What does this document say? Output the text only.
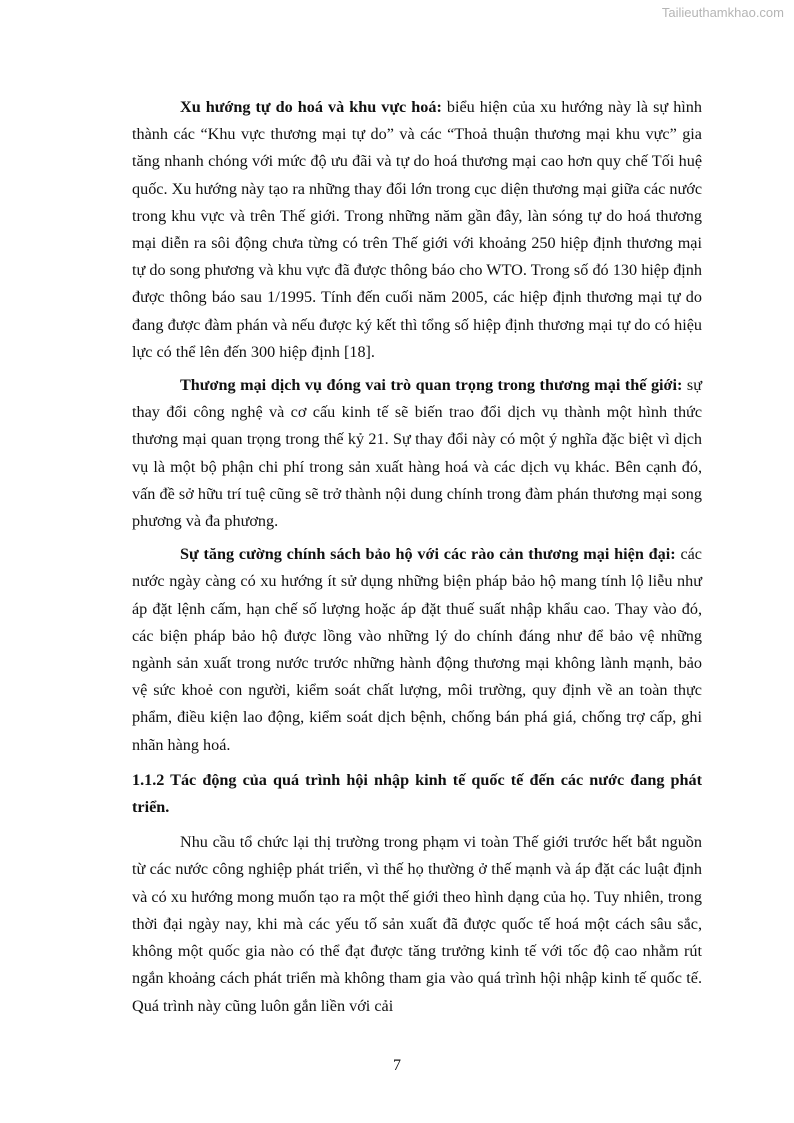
Tailieuthamkhao.com

Xu hướng tự do hoá và khu vực hoá: biểu hiện của xu hướng này là sự hình thành các “Khu vực thương mại tự do” và các “Thoả thuận thương mại khu vực” gia tăng nhanh chóng với mức độ ưu đãi và tự do hoá thương mại cao hơn quy chế Tối huệ quốc. Xu hướng này tạo ra những thay đổi lớn trong cục diện thương mại giữa các nước trong khu vực và trên Thế giới. Trong những năm gần đây, làn sóng tự do hoá thương mại diễn ra sôi động chưa từng có trên Thế giới với khoảng 250 hiệp định thương mại tự do song phương và khu vực đã được thông báo cho WTO. Trong số đó 130 hiệp định được thông báo sau 1/1995. Tính đến cuối năm 2005, các hiệp định thương mại tự do đang được đàm phán và nếu được ký kết thì tổng số hiệp định thương mại tự do có hiệu lực có thể lên đến 300 hiệp định [18].

Thương mại dịch vụ đóng vai trò quan trọng trong thương mại thế giới: sự thay đổi công nghệ và cơ cấu kinh tế sẽ biến trao đổi dịch vụ thành một hình thức thương mại quan trọng trong thế kỷ 21. Sự thay đổi này có một ý nghĩa đặc biệt vì dịch vụ là một bộ phận chi phí trong sản xuất hàng hoá và các dịch vụ khác. Bên cạnh đó, vấn đề sở hữu trí tuệ cũng sẽ trở thành nội dung chính trong đàm phán thương mại song phương và đa phương.

Sự tăng cường chính sách bảo hộ với các rào cản thương mại hiện đại: các nước ngày càng có xu hướng ít sử dụng những biện pháp bảo hộ mang tính lộ liễu như áp đặt lệnh cấm, hạn chế số lượng hoặc áp đặt thuế suất nhập khẩu cao. Thay vào đó, các biện pháp bảo hộ được lồng vào những lý do chính đáng như để bảo vệ những ngành sản xuất trong nước trước những hành động thương mại không lành mạnh, bảo vệ sức khoẻ con người, kiểm soát chất lượng, môi trường, quy định về an toàn thực phẩm, điều kiện lao động, kiểm soát dịch bệnh, chống bán phá giá, chống trợ cấp, ghi nhãn hàng hoá.

1.1.2 Tác động của quá trình hội nhập kinh tế quốc tế đến các nước đang phát triển.

Nhu cầu tổ chức lại thị trường trong phạm vi toàn Thế giới trước hết bắt nguồn từ các nước công nghiệp phát triển, vì thế họ thường ở thế mạnh và áp đặt các luật định và có xu hướng mong muốn tạo ra một thế giới theo hình dạng của họ. Tuy nhiên, trong thời đại ngày nay, khi mà các yếu tố sản xuất đã được quốc tế hoá một cách sâu sắc, không một quốc gia nào có thể đạt được tăng trưởng kinh tế với tốc độ cao nhằm rút ngắn khoảng cách phát triển mà không tham gia vào quá trình hội nhập kinh tế quốc tế. Quá trình này cũng luôn gắn liền với cải

7
